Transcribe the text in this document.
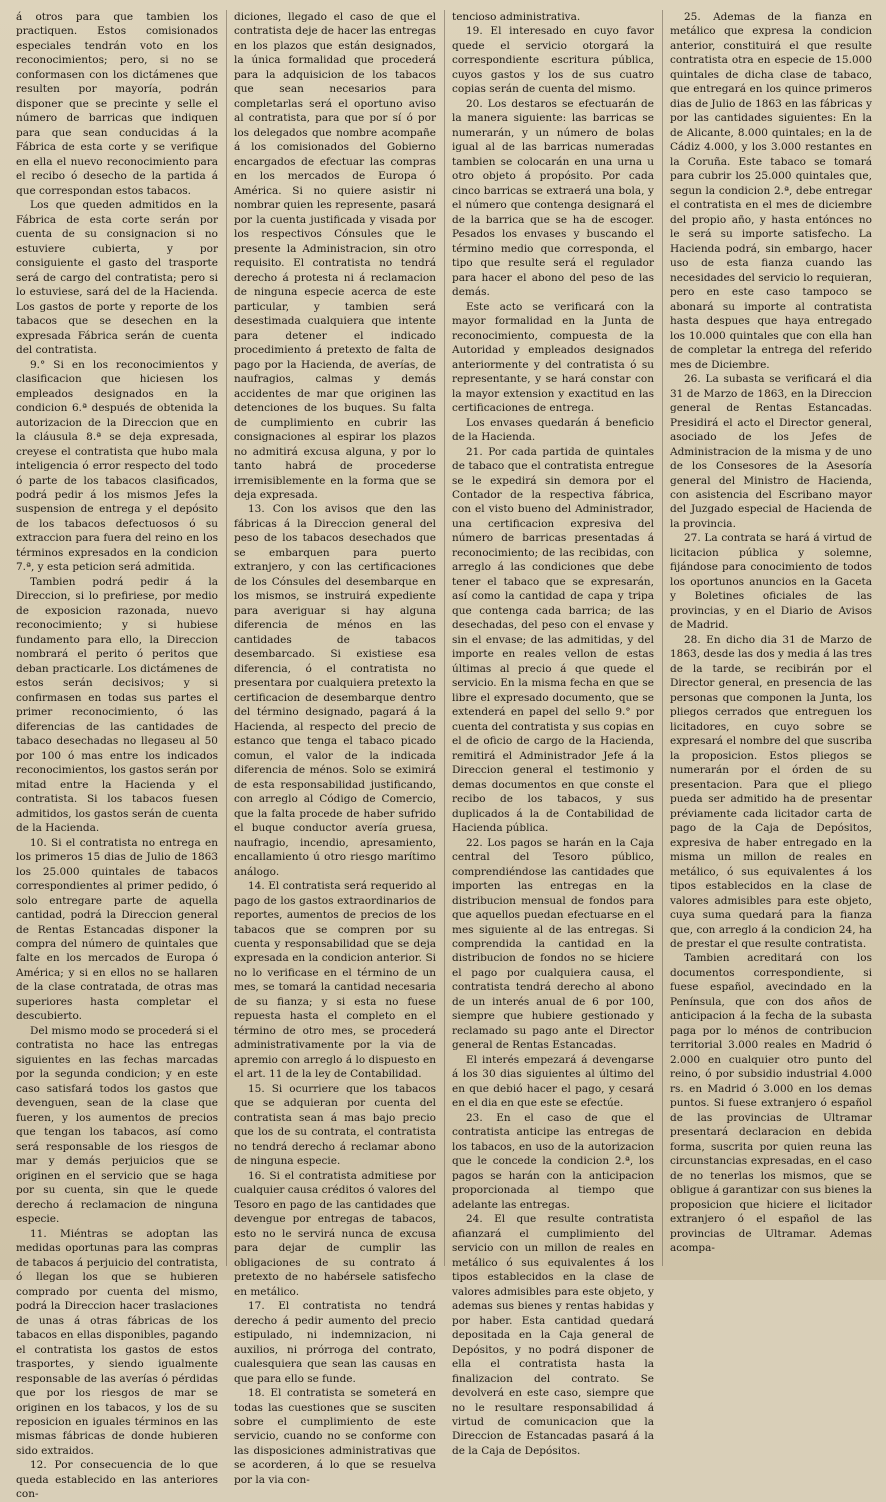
á otros para que tambien los practiquen. Estos comisionados especiales tendrán voto en los reconocimientos; pero, si no se conformasen con los dictámenes que resulten por mayoría, podrán disponer que se precinte y selle el número de barricas que indiquen para que sean conducidas á la Fábrica de esta corte y se verifique en ella el nuevo reconocimiento para el recibo ó desecho de la partida á que correspondan estos tabacos.

Los que queden admitidos en la Fábrica de esta corte serán por cuenta de su consignacion si no estuviere cubierta, y por consiguiente el gasto del trasporte será de cargo del contratista; pero si lo estuviese, sará del de la Hacienda. Los gastos de porte y reporte de los tabacos que se desechen en la expresada Fábrica serán de cuenta del contratista.

9.° Si en los reconocimientos y clasificacion que hiciesen los empleados designados en la condicion 6.ª después de obtenida la autorizacion de la Direccion que en la cláusula 8.ª se deja expresada, creyese el contratista que hubo mala inteligencia ó error respecto del todo ó parte de los tabacos clasificados, podrá pedir á los mismos Jefes la suspension de entrega y el depósito de los tabacos defectuosos ó su extraccion para fuera del reino en los términos expresados en la condicion 7.ª, y esta peticion será admitida.

Tambien podrá pedir á la Direccion, si lo prefiriese, por medio de exposicion razonada, nuevo reconocimiento; y si hubiese fundamento para ello, la Direccion nombrará el perito ó peritos que deban practicarle. Los dictámenes de estos serán decisivos; y si confirmasen en todas sus partes el primer reconocimiento, ó las diferencias de las cantidades de tabaco desechadas no llegaseu al 50 por 100 ó mas entre los indicados reconocimientos, los gastos serán por mitad entre la Hacienda y el contratista. Si los tabacos fuesen admitidos, los gastos serán de cuenta de la Hacienda.

10. Si el contratista no entrega en los primeros 15 dias de Julio de 1863 los 25.000 quintales de tabacos correspondientes al primer pedido, ó solo entregare parte de aquella cantidad, podrá la Direccion general de Rentas Estancadas disponer la compra del número de quintales que falte en los mercados de Europa ó América; y si en ellos no se hallaren de la clase contratada, de otras mas superiores hasta completar el descubierto.

Del mismo modo se procederá si el contratista no hace las entregas siguientes en las fechas marcadas por la segunda condicion; y en este caso satisfará todos los gastos que devenguen, sean de la clase que fueren, y los aumentos de precios que tengan los tabacos, así como será responsable de los riesgos de mar y demás perjuicios que se originen en el servicio que se haga por su cuenta, sin que le quede derecho á reclamacion de ninguna especie.

11. Miéntras se adoptan las medidas oportunas para las compras de tabacos á perjuicio del contratista, ó llegan los que se hubieren comprado por cuenta del mismo, podrá la Direccion hacer traslaciones de unas á otras fábricas de los tabacos en ellas disponibles, pagando el contratista los gastos de estos trasportes, y siendo igualmente responsable de las averías ó pérdidas que por los riesgos de mar se originen en los tabacos, y los de su reposicion en iguales términos en las mismas fábricas de donde hubieren sido extraidos.

12. Por consecuencia de lo que queda establecido en las anteriores con-

diciones, llegado el caso de que el contratista deje de hacer las entregas en los plazos que están designados, la única formalidad que procederá para la adquisicion de los tabacos que sean necesarios para completarlas será el oportuno aviso al contratista, para que por sí ó por los delegados que nombre acompañe á los comisionados del Gobierno encargados de efectuar las compras en los mercados de Europa ó América. Si no quiere asistir ni nombrar quien les represente, pasará por la cuenta justificada y visada por los respectivos Cónsules que le presente la Administracion, sin otro requisito. El contratista no tendrá derecho á protesta ni á reclamacion de ninguna especie acerca de este particular, y tambien será desestimada cualquiera que intente para detener el indicado procedimiento á pretexto de falta de pago por la Hacienda, de averías, de naufragios, calmas y demás accidentes de mar que originen las detenciones de los buques. Su falta de cumplimiento en cubrir las consignaciones al espirar los plazos no admitirá excusa alguna, y por lo tanto habrá de procederse irremisiblemente en la forma que se deja expresada.

13. Con los avisos que den las fábricas á la Direccion general del peso de los tabacos desechados que se embarquen para puerto extranjero, y con las certificaciones de los Cónsules del desembarque en los mismos, se instruirá expediente para averiguar si hay alguna diferencia de ménos en las cantidades de tabacos desembarcado. Si existiese esa diferencia, ó el contratista no presentara por cualquiera pretexto la certificacion de desembarque dentro del término designado, pagará á la Hacienda, al respecto del precio de estanco que tenga el tabaco picado comun, el valor de la indicada diferencia de ménos. Solo se eximirá de esta responsabilidad justificando, con arreglo al Código de Comercio, que la falta procede de haber sufrido el buque conductor avería gruesa, naufragio, incendio, apresamiento, encallamiento ú otro riesgo marítimo análogo.

14. El contratista será requerido al pago de los gastos extraordinarios de reportes, aumentos de precios de los tabacos que se compren por su cuenta y responsabilidad que se deja expresada en la condicion anterior. Si no lo verificase en el término de un mes, se tomará la cantidad necesaria de su fianza; y si esta no fuese repuesta hasta el completo en el término de otro mes, se procederá administrativamente por la via de apremio con arreglo á lo dispuesto en el art. 11 de la ley de Contabilidad.

15. Si ocurriere que los tabacos que se adquieran por cuenta del contratista sean á mas bajo precio que los de su contrata, el contratista no tendrá derecho á reclamar abono de ninguna especie.

16. Si el contratista admitiese por cualquier causa créditos ó valores del Tesoro en pago de las cantidades que devengue por entregas de tabacos, esto no le servirá nunca de excusa para dejar de cumplir las obligaciones de su contrato á pretexto de no habérsele satisfecho en metálico.

17. El contratista no tendrá derecho á pedir aumento del precio estipulado, ni indemnizacion, ni auxilios, ni prórroga del contrato, cualesquiera que sean las causas en que para ello se funde.

18. El contratista se someterá en todas las cuestiones que se susciten sobre el cumplimiento de este servicio, cuando no se conforme con las disposiciones administrativas que se acorderen, á lo que se resuelva por la via con-

tencioso administrativa.

19. El interesado en cuyo favor quede el servicio otorgará la correspondiente escritura pública, cuyos gastos y los de sus cuatro copias serán de cuenta del mismo.

20. Los destaros se efectuarán de la manera siguiente: las barricas se numerarán, y un número de bolas igual al de las barricas numeradas tambien se colocarán en una urna u otro objeto á propósito. Por cada cinco barricas se extraerá una bola, y el número que contenga designará el de la barrica que se ha de escoger. Pesados los envases y buscando el término medio que corresponda, el tipo que resulte será el regulador para hacer el abono del peso de las demás.

Este acto se verificará con la mayor formalidad en la Junta de reconocimiento, compuesta de la Autoridad y empleados designados anteriormente y del contratista ó su representante, y se hará constar con la mayor extension y exactitud en las certificaciones de entrega.

Los envases quedarán á beneficio de la Hacienda.

21. Por cada partida de quintales de tabaco que el contratista entregue se le expedirá sin demora por el Contador de la respectiva fábrica, con el visto bueno del Administrador, una certificacion expresiva del número de barricas presentadas á reconocimiento; de las recibidas, con arreglo á las condiciones que debe tener el tabaco que se expresarán, así como la cantidad de capa y tripa que contenga cada barrica; de las desechadas, del peso con el envase y sin el envase; de las admitidas, y del importe en reales vellon de estas últimas al precio á que quede el servicio. En la misma fecha en que se libre el expresado documento, que se extenderá en papel del sello 9.° por cuenta del contratista y sus copias en el de oficio de cargo de la Hacienda, remitirá el Administrador Jefe á la Direccion general el testimonio y demas documentos en que conste el recibo de los tabacos, y sus duplicados á la de Contabilidad de Hacienda pública.

22. Los pagos se harán en la Caja central del Tesoro público, comprendiéndose las cantidades que importen las entregas en la distribucion mensual de fondos para que aquellos puedan efectuarse en el mes siguiente al de las entregas. Si comprendida la cantidad en la distribucion de fondos no se hiciere el pago por cualquiera causa, el contratista tendrá derecho al abono de un interés anual de 6 por 100, siempre que hubiere gestionado y reclamado su pago ante el Director general de Rentas Estancadas.

El interés empezará á devengarse á los 30 dias siguientes al último del en que debió hacer el pago, y cesará en el dia en que este se efectúe.

23. En el caso de que el contratista anticipe las entregas de los tabacos, en uso de la autorizacion que le concede la condicion 2.ª, los pagos se harán con la anticipacion proporcionada al tiempo que adelante las entregas.

24. El que resulte contratista afianzará el cumplimiento del servicio con un millon de reales en metálico ó sus equivalentes á los tipos establecidos en la clase de valores admisibles para este objeto, y ademas sus bienes y rentas habidas y por haber. Esta cantidad quedará depositada en la Caja general de Depósitos, y no podrá disponer de ella el contratista hasta la finalizacion del contrato. Se devolverá en este caso, siempre que no le resultare responsabilidad á virtud de comunicacion que la Direccion de Estancadas pasará á la de la Caja de Depósitos.

25. Ademas de la fianza en metálico que expresa la condicion anterior, constituirá el que resulte contratista otra en especie de 15.000 quintales de dicha clase de tabaco, que entregará en los quince primeros dias de Julio de 1863 en las fábricas y por las cantidades siguientes: En la de Alicante, 8.000 quintales; en la de Cádiz 4.000, y los 3.000 restantes en la Coruña. Este tabaco se tomará para cubrir los 25.000 quintales que, segun la condicion 2.ª, debe entregar el contratista en el mes de diciembre del propio año, y hasta entónces no le será su importe satisfecho. La Hacienda podrá, sin embargo, hacer uso de esta fianza cuando las necesidades del servicio lo requieran, pero en este caso tampoco se abonará su importe al contratista hasta despues que haya entregado los 10.000 quintales que con ella han de completar la entrega del referido mes de Diciembre.

26. La subasta se verificará el dia 31 de Marzo de 1863, en la Direccion general de Rentas Estancadas. Presidirá el acto el Director general, asociado de los Jefes de Administracion de la misma y de uno de los Consesores de la Asesoría general del Ministro de Hacienda, con asistencia del Escribano mayor del Juzgado especial de Hacienda de la provincia.

27. La contrata se hará á virtud de licitacion pública y solemne, fijándose para conocimiento de todos los oportunos anuncios en la Gaceta y Boletines oficiales de las provincias, y en el Diario de Avisos de Madrid.

28. En dicho dia 31 de Marzo de 1863, desde las dos y media á las tres de la tarde, se recibirán por el Director general, en presencia de las personas que componen la Junta, los pliegos cerrados que entreguen los licitadores, en cuyo sobre se expresará el nombre del que suscriba la proposicion. Estos pliegos se numerarán por el órden de su presentacion. Para que el pliego pueda ser admitido ha de presentar préviamente cada licitador carta de pago de la Caja de Depósitos, expresiva de haber entregado en la misma un millon de reales en metálico, ó sus equivalentes á los tipos establecidos en la clase de valores admisibles para este objeto, cuya suma quedará para la fianza que, con arreglo á la condicion 24, ha de prestar el que resulte contratista.

Tambien acreditará con los documentos correspondiente, si fuese español, avecindado en la Península, que con dos años de anticipacion á la fecha de la subasta paga por lo ménos de contribucion territorial 3.000 reales en Madrid ó 2.000 en cualquier otro punto del reino, ó por subsidio industrial 4.000 rs. en Madrid ó 3.000 en los demas puntos. Si fuese extranjero ó español de las provincias de Ultramar presentará declaracion en debida forma, suscrita por quien reuna las circunstancias expresadas, en el caso de no tenerlas los mismos, que se obligue á garantizar con sus bienes la proposicion que hiciere el licitador extranjero ó el español de las provincias de Ultramar. Ademas acompa-
